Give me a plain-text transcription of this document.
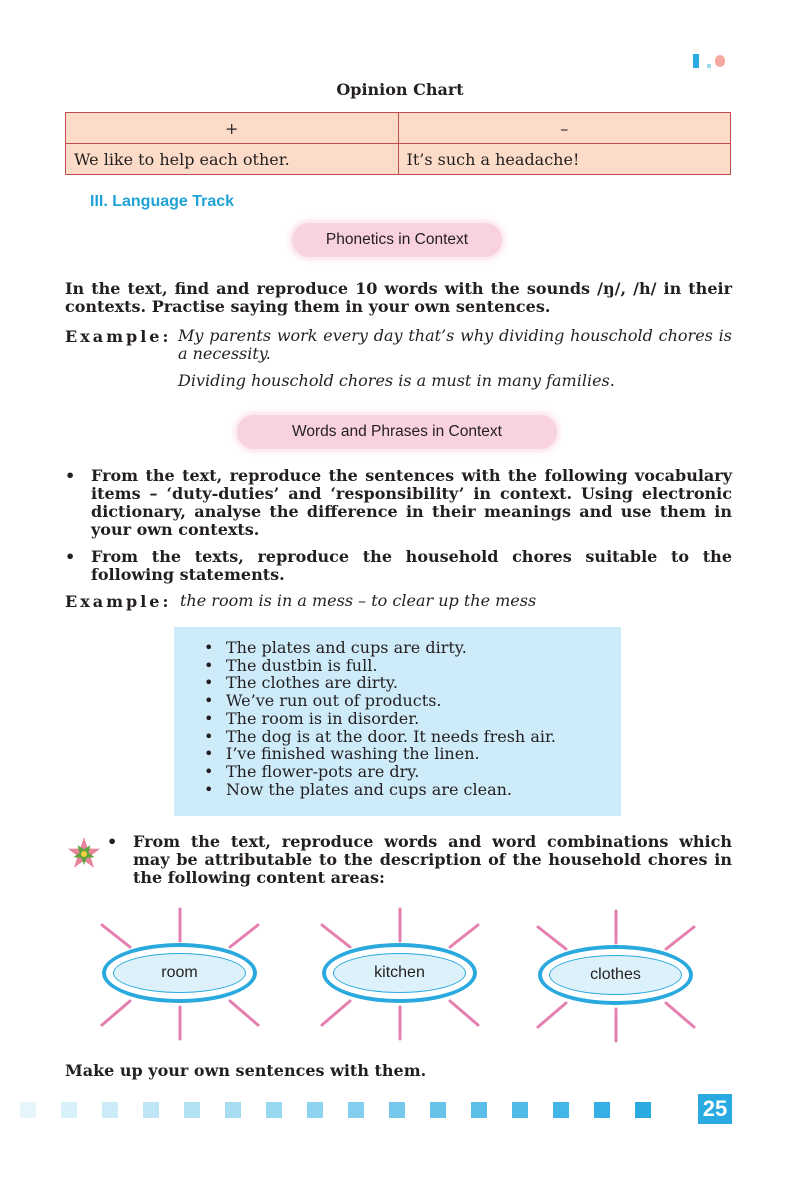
Opinion Chart
+	–
We like to help each other.	It’s such a headache!
III. Language Track
Phonetics in Context
In the text, find and reproduce 10 words with the sounds /ŋ/, /h/ in their contexts. Practise saying them in your own sentences.
Example: My parents work every day that’s why dividing houschold chores is a necessity.
Dividing houschold chores is a must in many families.
Words and Phrases in Context
• From the text, reproduce the sentences with the following vocabulary items – ‘duty-duties’ and ‘responsibility’ in context. Using electronic dictionary, analyse the difference in their meanings and use them in your own contexts.
• From the texts, reproduce the household chores suitable to the following statements.
Example: the room is in a mess – to clear up the mess
• The plates and cups are dirty.
• The dustbin is full.
• The clothes are dirty.
• We’ve run out of products.
• The room is in disorder.
• The dog is at the door. It needs fresh air.
• I’ve finished washing the linen.
• The flower-pots are dry.
• Now the plates and cups are clean.
• From the text, reproduce words and word combinations which may be attributable to the description of the household chores in the following content areas:
room	kitchen	clothes
Make up your own sentences with them.
25
